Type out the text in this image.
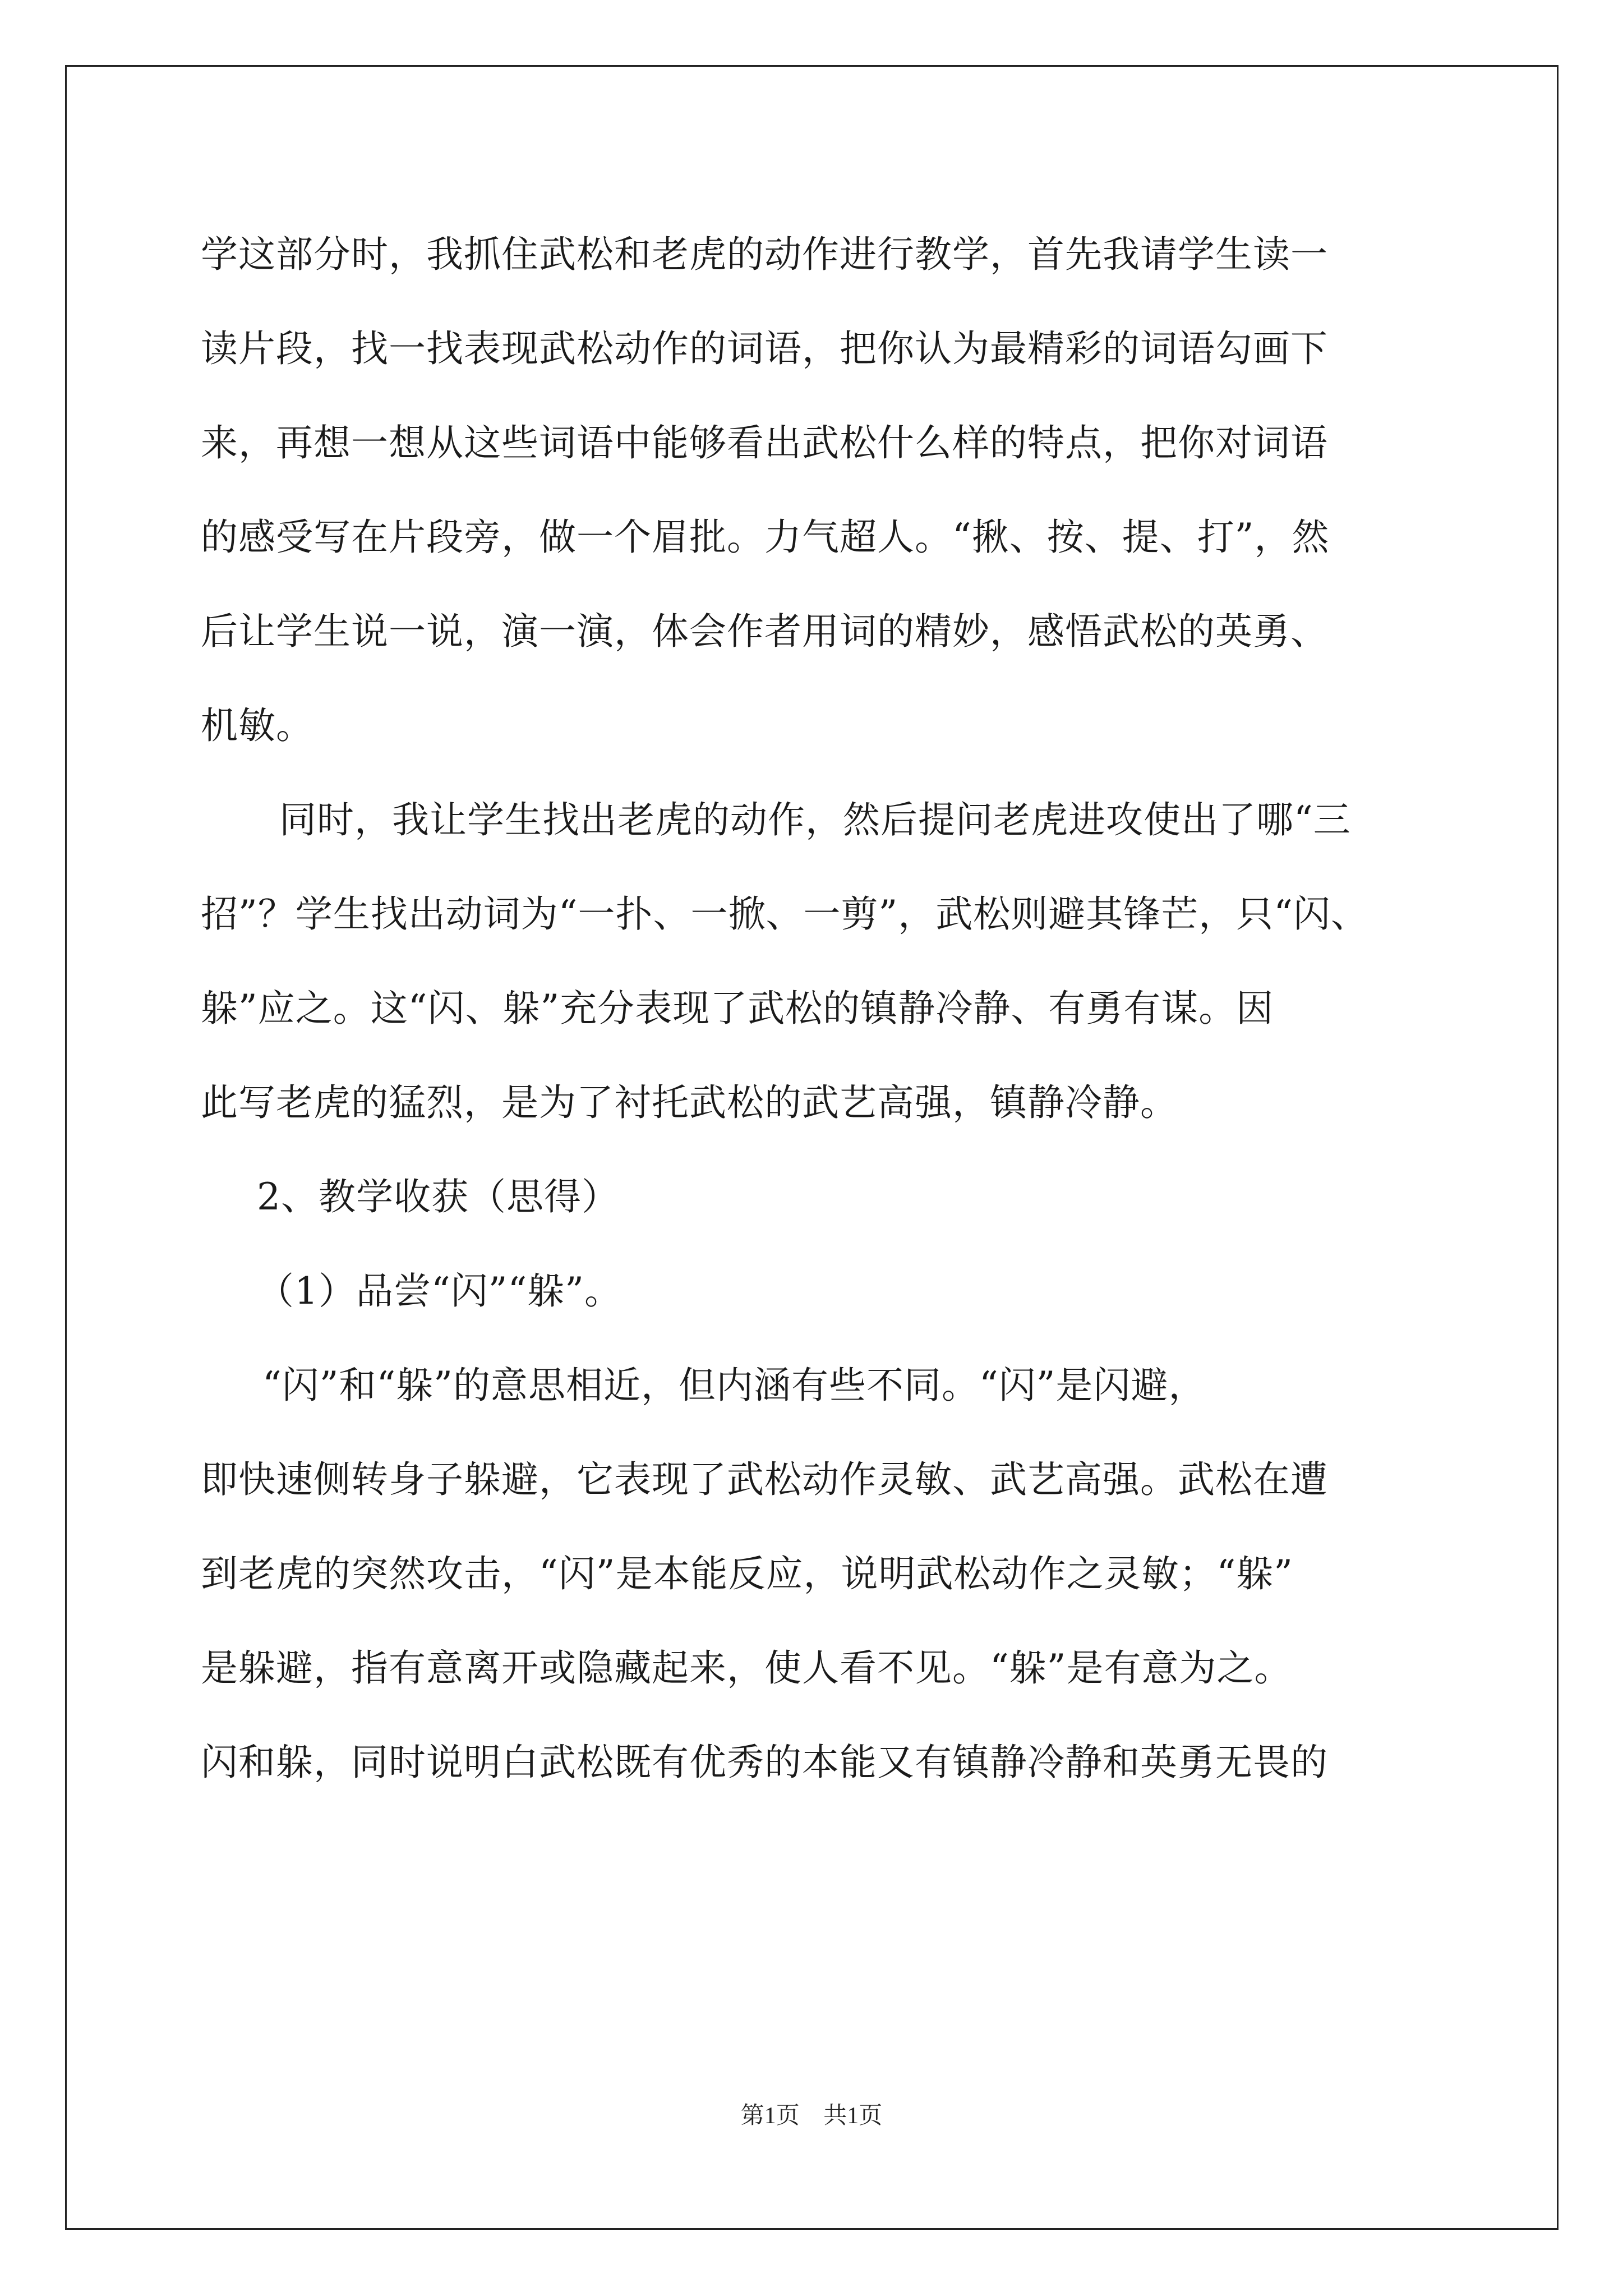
学这部分时，我抓住武松和老虎的动作进行教学，首先我请学生读一
读片段，找一找表现武松动作的词语，把你认为最精彩的词语勾画下
来，再想一想从这些词语中能够看出武松什么样的特点，把你对词语
的感受写在片段旁，做一个眉批。力气超人。“揪、按、提、打”，然
后让学生说一说，演一演，体会作者用词的精妙，感悟武松的英勇、
机敏。
同时，我让学生找出老虎的动作，然后提问老虎进攻使出了哪“三
招”？学生找出动词为“一扑、一掀、一剪”，武松则避其锋芒，只“闪、
躲”应之。这“闪、躲”充分表现了武松的镇静冷静、有勇有谋。因
此写老虎的猛烈，是为了衬托武松的武艺高强，镇静冷静。
2、教学收获（思得）
（1）品尝“闪”“躲”。
“闪”和“躲”的意思相近，但内涵有些不同。“闪”是闪避，
即快速侧转身子躲避，它表现了武松动作灵敏、武艺高强。武松在遭
到老虎的突然攻击，“闪”是本能反应，说明武松动作之灵敏；“躲”
是躲避，指有意离开或隐藏起来，使人看不见。“躲”是有意为之。
闪和躲，同时说明白武松既有优秀的本能又有镇静冷静和英勇无畏的
第1页 共1页
